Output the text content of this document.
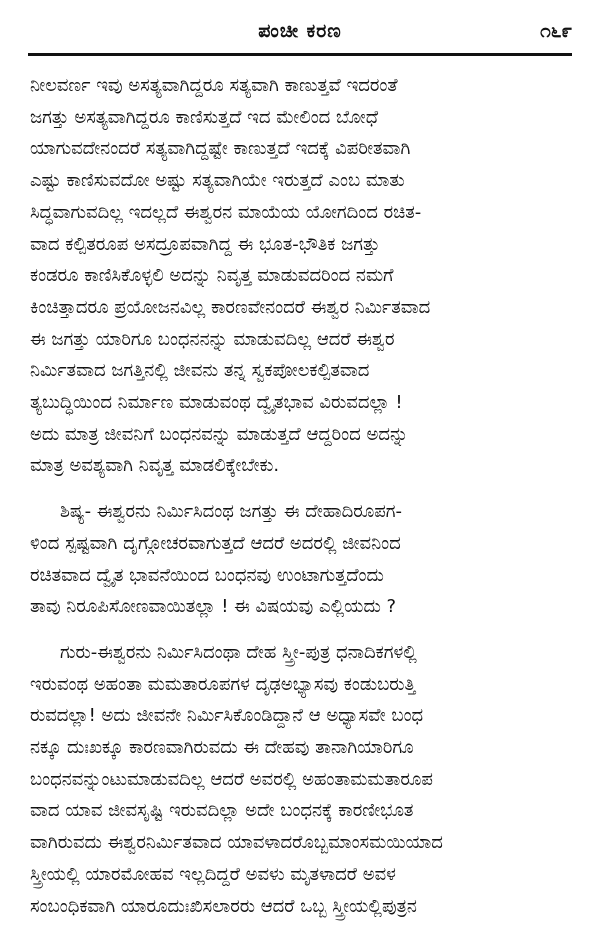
ಪಂಚೀ ಕರಣ	೧೬೯
ನೀಲವರ್ಣ ಇವು ಅಸತ್ಯವಾಗಿದ್ದರೂ ಸತ್ಯವಾಗಿ ಕಾಣುತ್ತವೆ ಇದರಂತೆ
ಜಗತ್ತು ಅಸತ್ಯವಾಗಿದ್ದರೂ ಕಾಣಿಸುತ್ತದೆ ಇದ ಮೇಲಿಂದ ಬೋಧೆ
ಯಾಗುವದೇನಂದರೆ ಸತ್ಯವಾಗಿದ್ದಷ್ಟೇ ಕಾಣುತ್ತದೆ ಇದಕ್ಕೆ ವಿಪರೀತವಾಗಿ
ಎಷ್ಟು ಕಾಣಿಸುವದೋ ಅಷ್ಟು ಸತ್ಯವಾಗಿಯೇ ಇರುತ್ತದೆ ಎಂಬ ಮಾತು
ಸಿದ್ಧವಾಗುವದಿಲ್ಲ ಇದಲ್ಲದೆ ಈಶ್ವರನ ಮಾಯೆಯ ಯೋಗದಿಂದ ರಚಿತ-
ವಾದ ಕಲ್ಪಿತರೂಪ ಅಸದ್ರೂಪವಾಗಿದ್ದ ಈ ಭೂತ-ಭೌತಿಕ ಜಗತ್ತು
ಕಂಡರೂ ಕಾಣಿಸಿಕೊಳ್ಳಲಿ ಅದನ್ನು ನಿವೃತ್ತ ಮಾಡುವದರಿಂದ ನಮಗೆ
ಕಿಂಚಿತ್ತಾದರೂ ಪ್ರಯೋಜನವಿಲ್ಲ ಕಾರಣವೇನಂದರೆ ಈಶ್ವರ ನಿರ್ಮಿತವಾದ
ಈ ಜಗತ್ತು ಯಾರಿಗೂ ಬಂಧನನನ್ನು ಮಾಡುವದಿಲ್ಲ ಆದರೆ ಈಶ್ವರ
ನಿರ್ಮಿತವಾದ ಜಗತ್ತಿನಲ್ಲಿ ಜೀವನು ತನ್ನ ಸ್ವಕಪೋಲಕಲ್ಪಿತವಾದ
ತ್ಯಬುದ್ಧಿಯಿಂದ ನಿರ್ಮಾಣ ಮಾಡುವಂಥ ದ್ವೈತಭಾವ ವಿರುವದಲ್ಲಾ !
ಅದು ಮಾತ್ರ ಜೀವನಿಗೆ ಬಂಧನವನ್ನು ಮಾಡುತ್ತದೆ ಆದ್ದರಿಂದ ಅದನ್ನು
ಮಾತ್ರ ಅವಶ್ಯವಾಗಿ ನಿವೃತ್ತ ಮಾಡಲಿಕ್ಕೇಬೇಕು.
ಶಿಷ್ಯ- ಈಶ್ವರನು ನಿರ್ಮಿಸಿದಂಥ ಜಗತ್ತು ಈ ದೇಹಾದಿರೂಪಗ-
ಳಿಂದ ಸ್ಪಷ್ಟವಾಗಿ ದೃಗ್ಗೋಚರವಾಗುತ್ತದೆ ಆದರೆ ಅದರಲ್ಲಿ ಜೀವನಿಂದ
ರಚಿತವಾದ ದ್ವೈತ ಭಾವನೆಯಿಂದ ಬಂಧನವು ಉಂಟಾಗುತ್ತದೆಂದು
ತಾವು ನಿರೂಪಿಸೋಣವಾಯಿತಲ್ಲಾ ! ಈ ವಿಷಯವು ಎಲ್ಲಿಯದು ?
ಗುರು-ಈಶ್ವರನು ನಿರ್ಮಿಸಿದಂಥಾ ದೇಹ ಸ್ತ್ರೀ-ಪುತ್ರ ಧನಾದಿಕಗಳಲ್ಲಿ
ಇರುವಂಥ ಅಹಂತಾ ಮಮತಾರೂಪಗಳ ದೃಢಅಭ್ಯಾಸವು ಕಂಡುಬರುತ್ತಿ
ರುವದಲ್ಲಾ! ಅದು ಜೀವನೇ ನಿರ್ಮಿಸಿಕೊಂಡಿದ್ದಾನೆ ಆ ಅಧ್ಯಾಸವೇ ಬಂಧ
ನಕ್ಕೂ ದುಃಖಕ್ಕೂ ಕಾರಣವಾಗಿರುವದು ಈ ದೇಹವು ತಾನಾಗಿಯಾರಿಗೂ
ಬಂಧನವನ್ನುಂಟುಮಾಡುವದಿಲ್ಲ ಆದರೆ ಅವರಲ್ಲಿ ಅಹಂತಾಮಮತಾರೂಪ
ವಾದ ಯಾವ ಜೀವಸೃಷ್ಟಿ ಇರುವದಿಲ್ಲಾ ಅದೇ ಬಂಧನಕ್ಕೆ ಕಾರಣೀಭೂತ
ವಾಗಿರುವದು ಈಶ್ವರನಿರ್ಮಿತವಾದ ಯಾವಳಾದರೊಬ್ಬಮಾಂಸಮಯಿಯಾದ
ಸ್ತ್ರೀಯಲ್ಲಿ ಯಾರಮೋಹವ ಇಲ್ಲದಿದ್ದರೆ ಅವಳು ಮೃತಳಾದರೆ ಅವಳ
ಸಂಬಂಧಿಕವಾಗಿ ಯಾರೂದುಃಖಿಸಲಾರರು ಆದರೆ ಒಬ್ಬ ಸ್ತ್ರೀಯಲ್ಲಿಪುತ್ರನ
